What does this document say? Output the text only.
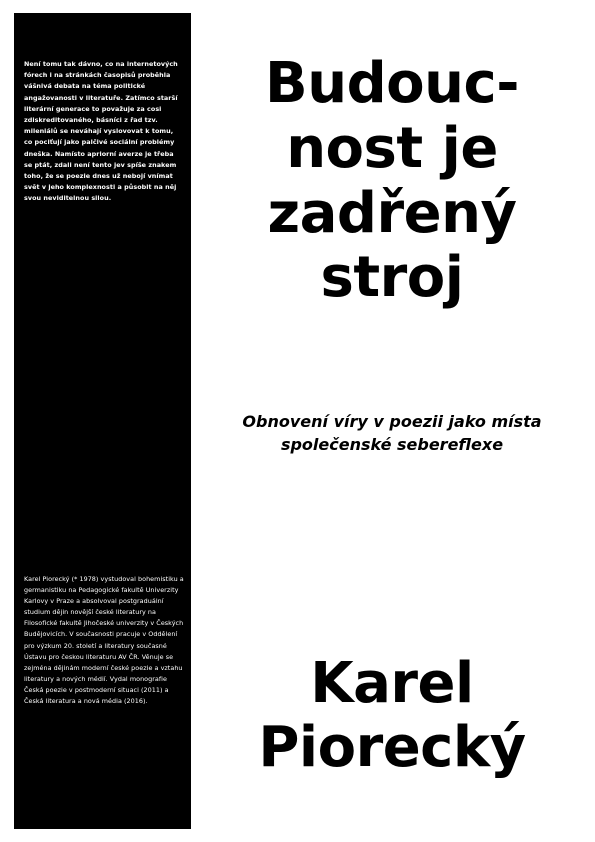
Není tomu tak dávno, co na internetových fórech i na stránkách časopisů proběhla vášnivá debata na téma politické angažovanosti v literatuře. Zatímco starší literární generace to považuje za cosi zdiskreditovaného, básníci z řad tzv. mileniálů se neváhají vyslovovat k tomu, co pociťují jako palčivé sociální problémy dneška. Namísto apriorní averze je třeba se ptát, zdali není tento jev spíše znakem toho, že se poezie dnes už nebojí vnímat svět v jeho komplexnosti a působit na něj svou neviditelnou silou.

Karel Piorecký (* 1978) vystudoval bohemistiku a germanistiku na Pedagogické fakultě Univerzity Karlovy v Praze a absolvoval postgraduální studium dějin novější české literatury na Filosofické fakultě Jihočeské univerzity v Českých Budějovicích. V současnosti pracuje v Oddělení pro výzkum 20. století a literatury současné Ústavu pro českou literaturu AV ČR. Věnuje se zejména dějinám moderní české poezie a vztahu literatury a nových médií. Vydal monografie Česká poezie v postmoderní situaci (2011) a Česká literatura a nová média (2016).

Budouc-
nost je
zadřený
stroj
Obnovení víry v poezii jako místa
společenské sebereflexe
Karel
Piorecký
